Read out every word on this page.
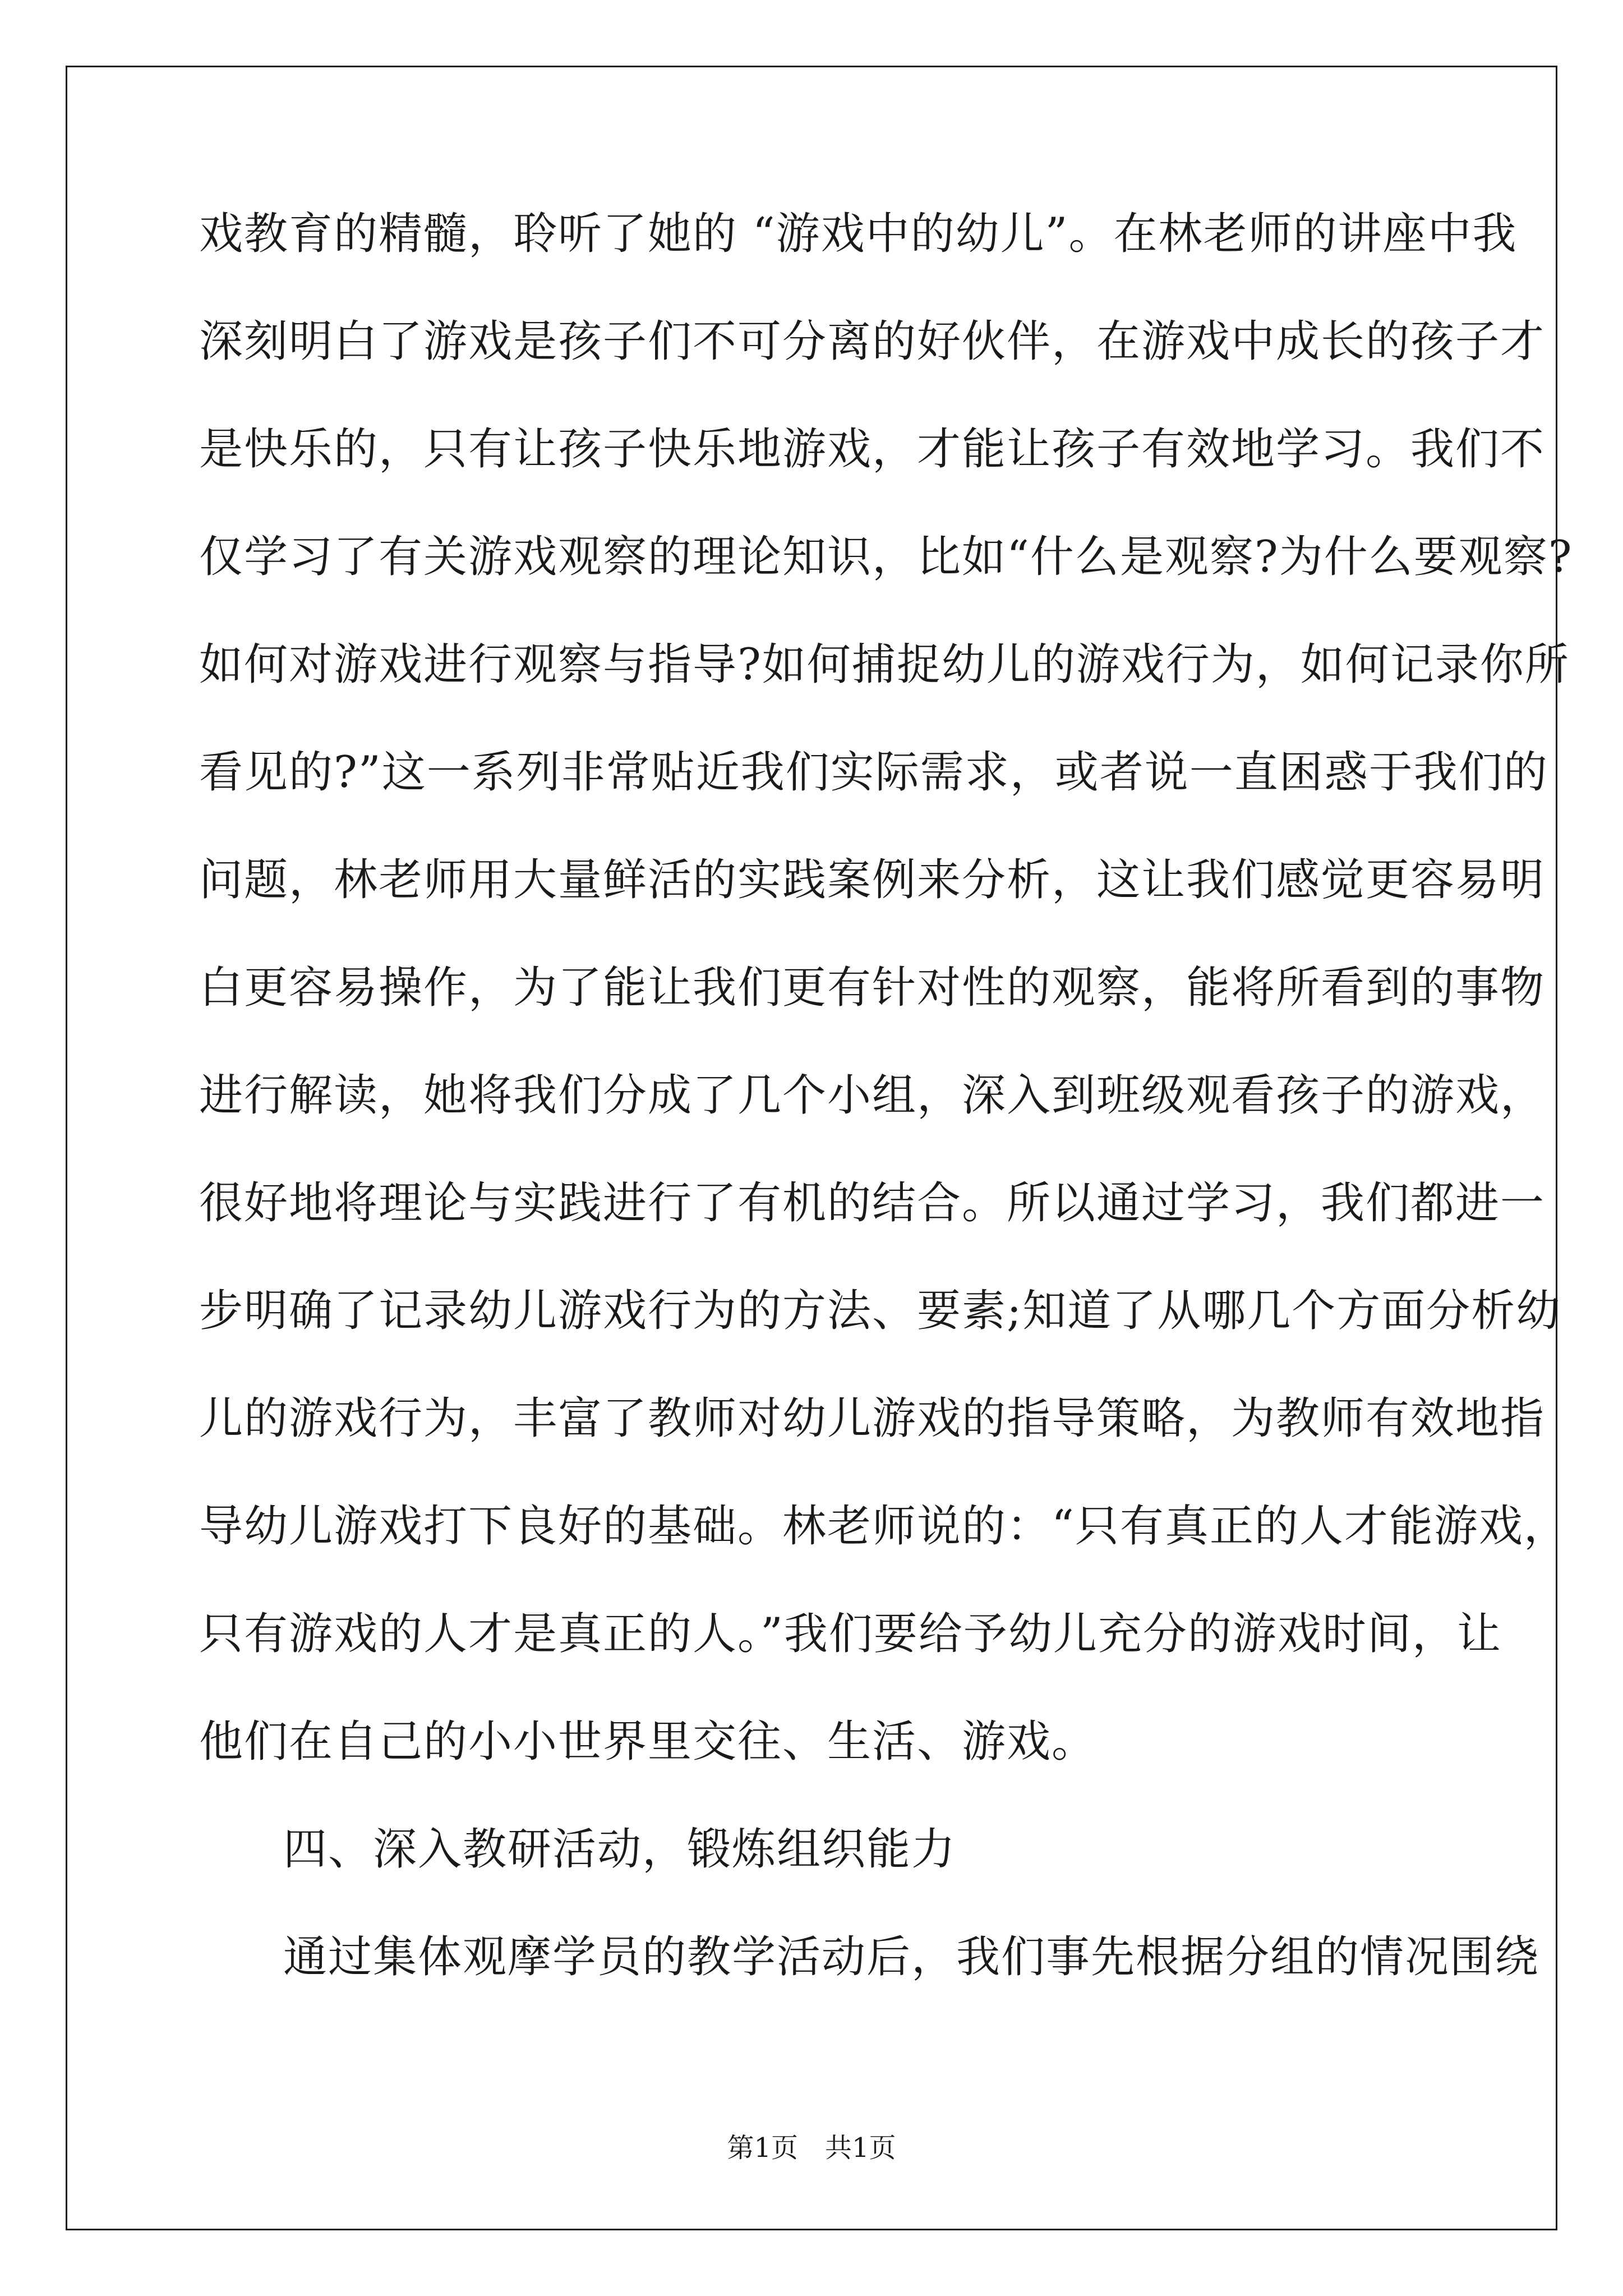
戏教育的精髓，聆听了她的 “游戏中的幼儿”。在林老师的讲座中我
深刻明白了游戏是孩子们不可分离的好伙伴，在游戏中成长的孩子才
是快乐的，只有让孩子快乐地游戏，才能让孩子有效地学习。我们不
仅学习了有关游戏观察的理论知识，比如“什么是观察?为什么要观察?
如何对游戏进行观察与指导?如何捕捉幼儿的游戏行为，如何记录你所
看见的?”这一系列非常贴近我们实际需求，或者说一直困惑于我们的
问题，林老师用大量鲜活的实践案例来分析，这让我们感觉更容易明
白更容易操作，为了能让我们更有针对性的观察，能将所看到的事物
进行解读，她将我们分成了几个小组，深入到班级观看孩子的游戏，
很好地将理论与实践进行了有机的结合。所以通过学习，我们都进一
步明确了记录幼儿游戏行为的方法、要素;知道了从哪几个方面分析幼
儿的游戏行为，丰富了教师对幼儿游戏的指导策略，为教师有效地指
导幼儿游戏打下良好的基础。林老师说的：“只有真正的人才能游戏，
只有游戏的人才是真正的人。”我们要给予幼儿充分的游戏时间，让
他们在自己的小小世界里交往、生活、游戏。
四、深入教研活动，锻炼组织能力
通过集体观摩学员的教学活动后，我们事先根据分组的情况围绕
第1页　共1页
